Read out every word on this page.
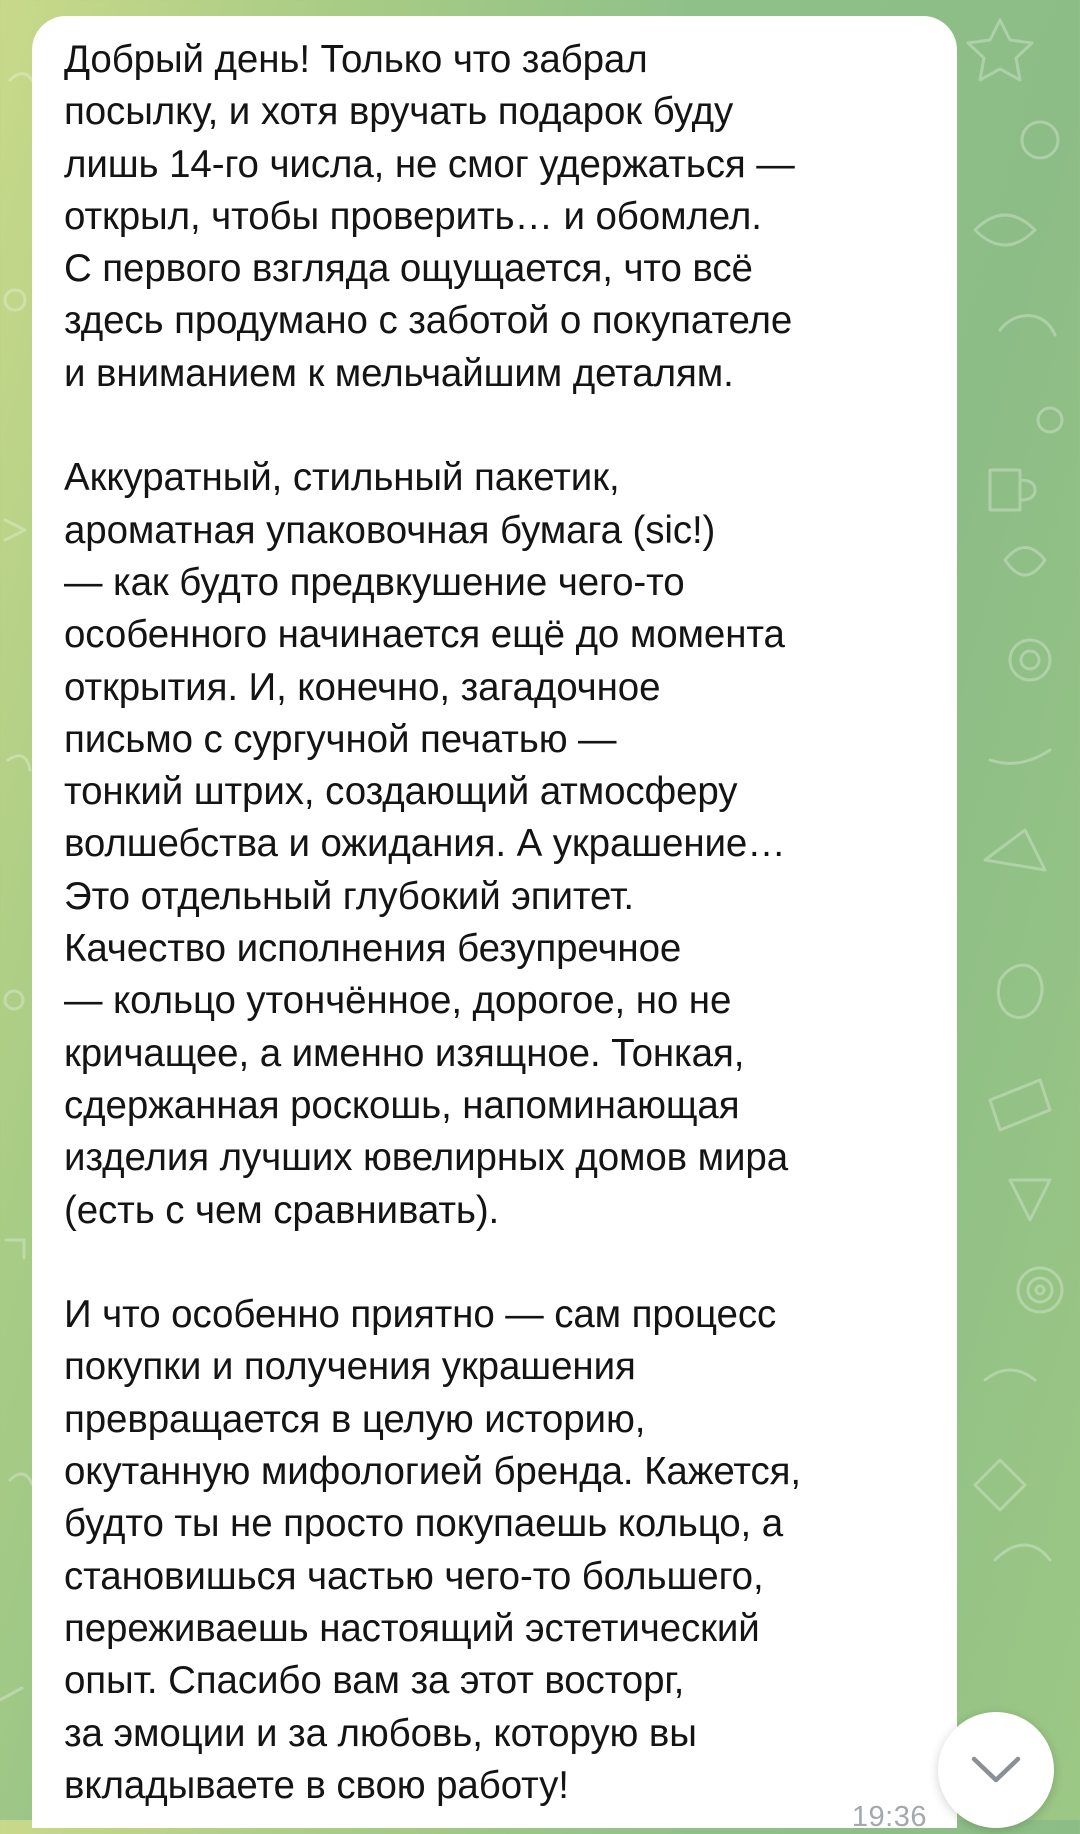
Добрый день! Только что забрал
посылку, и хотя вручать подарок буду
лишь 14-го числа, не смог удержаться —
открыл, чтобы проверить… и обомлел.
С первого взгляда ощущается, что всё
здесь продумано с заботой о покупателе
и вниманием к мельчайшим деталям.

Аккуратный, стильный пакетик,
ароматная упаковочная бумага (sic!)
— как будто предвкушение чего-то
особенного начинается ещё до момента
открытия. И, конечно, загадочное
письмо с сургучной печатью —
тонкий штрих, создающий атмосферу
волшебства и ожидания. А украшение…
Это отдельный глубокий эпитет.
Качество исполнения безупречное
— кольцо утончённое, дорогое, но не
кричащее, а именно изящное. Тонкая,
сдержанная роскошь, напоминающая
изделия лучших ювелирных домов мира
(есть с чем сравнивать).

И что особенно приятно — сам процесс
покупки и получения украшения
превращается в целую историю,
окутанную мифологией бренда. Кажется,
будто ты не просто покупаешь кольцо, а
становишься частью чего-то большего,
переживаешь настоящий эстетический
опыт. Спасибо вам за этот восторг,
за эмоции и за любовь, которую вы
вкладываете в свою работу!

19:36
